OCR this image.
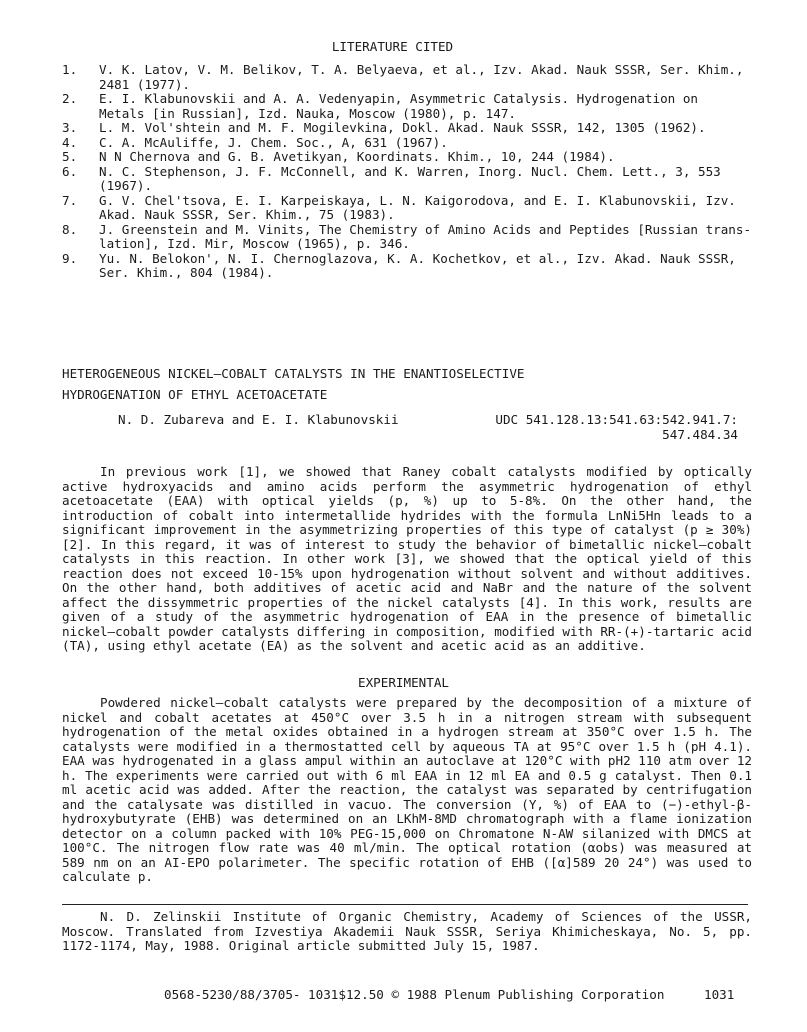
LITERATURE CITED
1.	V. K. Latov, V. M. Belikov, T. A. Belyaeva, et al., Izv. Akad. Nauk SSSR, Ser. Khim.,
2481 (1977).
2.	E. I. Klabunovskii and A. A. Vedenyapin, Asymmetric Catalysis. Hydrogenation on
Metals [in Russian], Izd. Nauka, Moscow (1980), p. 147.
3.	L. M. Vol'shtein and M. F. Mogilevkina, Dokl. Akad. Nauk SSSR, 142, 1305 (1962).
4.	C. A. McAuliffe, J. Chem. Soc., A, 631 (1967).
5.	N N Chernova and G. B. Avetikyan, Koordinats. Khim., 10, 244 (1984).
6.	N. C. Stephenson, J. F. McConnell, and K. Warren, Inorg. Nucl. Chem. Lett., 3, 553
(1967).
7.	G. V. Chel'tsova, E. I. Karpeiskaya, L. N. Kaigorodova, and E. I. Klabunovskii, Izv.
Akad. Nauk SSSR, Ser. Khim., 75 (1983).
8.	J. Greenstein and M. Vinits, The Chemistry of Amino Acids and Peptides [Russian trans-
lation], Izd. Mir, Moscow (1965), p. 346.
9.	Yu. N. Belokon', N. I. Chernoglazova, K. A. Kochetkov, et al., Izv. Akad. Nauk SSSR,
Ser. Khim., 804 (1984).
HETEROGENEOUS NICKEL—COBALT CATALYSTS IN THE ENANTIOSELECTIVE
HYDROGENATION OF ETHYL ACETOACETATE
N. D. Zubareva and E. I. Klabunovskii	UDC 541.128.13:541.63:542.941.7:
547.484.34

In previous work [1], we showed that Raney cobalt catalysts modified by optically active hydroxyacids and amino acids perform the asymmetric hydrogenation of ethyl acetoacetate (EAA) with optical yields (p, %) up to 5-8%. On the other hand, the introduction of cobalt into intermetallide hydrides with the formula LnNi5Hn leads to a significant improvement in the asymmetrizing properties of this type of catalyst (p ≥ 30%) [2]. In this regard, it was of interest to study the behavior of bimetallic nickel—cobalt catalysts in this reaction. In other work [3], we showed that the optical yield of this reaction does not exceed 10-15% upon hydrogenation without solvent and without additives. On the other hand, both additives of acetic acid and NaBr and the nature of the solvent affect the dissymmetric properties of the nickel catalysts [4]. In this work, results are given of a study of the asymmetric hydrogenation of EAA in the presence of bimetallic nickel—cobalt powder catalysts differing in composition, modified with RR-(+)-tartaric acid (TA), using ethyl acetate (EA) as the solvent and acetic acid as an additive.

EXPERIMENTAL

Powdered nickel—cobalt catalysts were prepared by the decomposition of a mixture of nickel and cobalt acetates at 450°C over 3.5 h in a nitrogen stream with subsequent hydrogenation of the metal oxides obtained in a hydrogen stream at 350°C over 1.5 h. The catalysts were modified in a thermostatted cell by aqueous TA at 95°C over 1.5 h (pH 4.1). EAA was hydrogenated in a glass ampul within an autoclave at 120°C with pH2 110 atm over 12 h. The experiments were carried out with 6 ml EAA in 12 ml EA and 0.5 g catalyst. Then 0.1 ml acetic acid was added. After the reaction, the catalyst was separated by centrifugation and the catalysate was distilled in vacuo. The conversion (Y, %) of EAA to (−)-ethyl-β-hydroxybutyrate (EHB) was determined on an LKhM-8MD chromatograph with a flame ionization detector on a column packed with 10% PEG-15,000 on Chromatone N-AW silanized with DMCS at 100°C. The nitrogen flow rate was 40 ml/min. The optical rotation (αobs) was measured at 589 nm on an AI-EPO polarimeter. The specific rotation of EHB ([α]589 20 24°) was used to calculate p.

N. D. Zelinskii Institute of Organic Chemistry, Academy of Sciences of the USSR, Moscow. Translated from Izvestiya Akademii Nauk SSSR, Seriya Khimicheskaya, No. 5, pp. 1172-1174, May, 1988. Original article submitted July 15, 1987.

0568-5230/88/3705- 1031$12.50 © 1988 Plenum Publishing Corporation	1031
